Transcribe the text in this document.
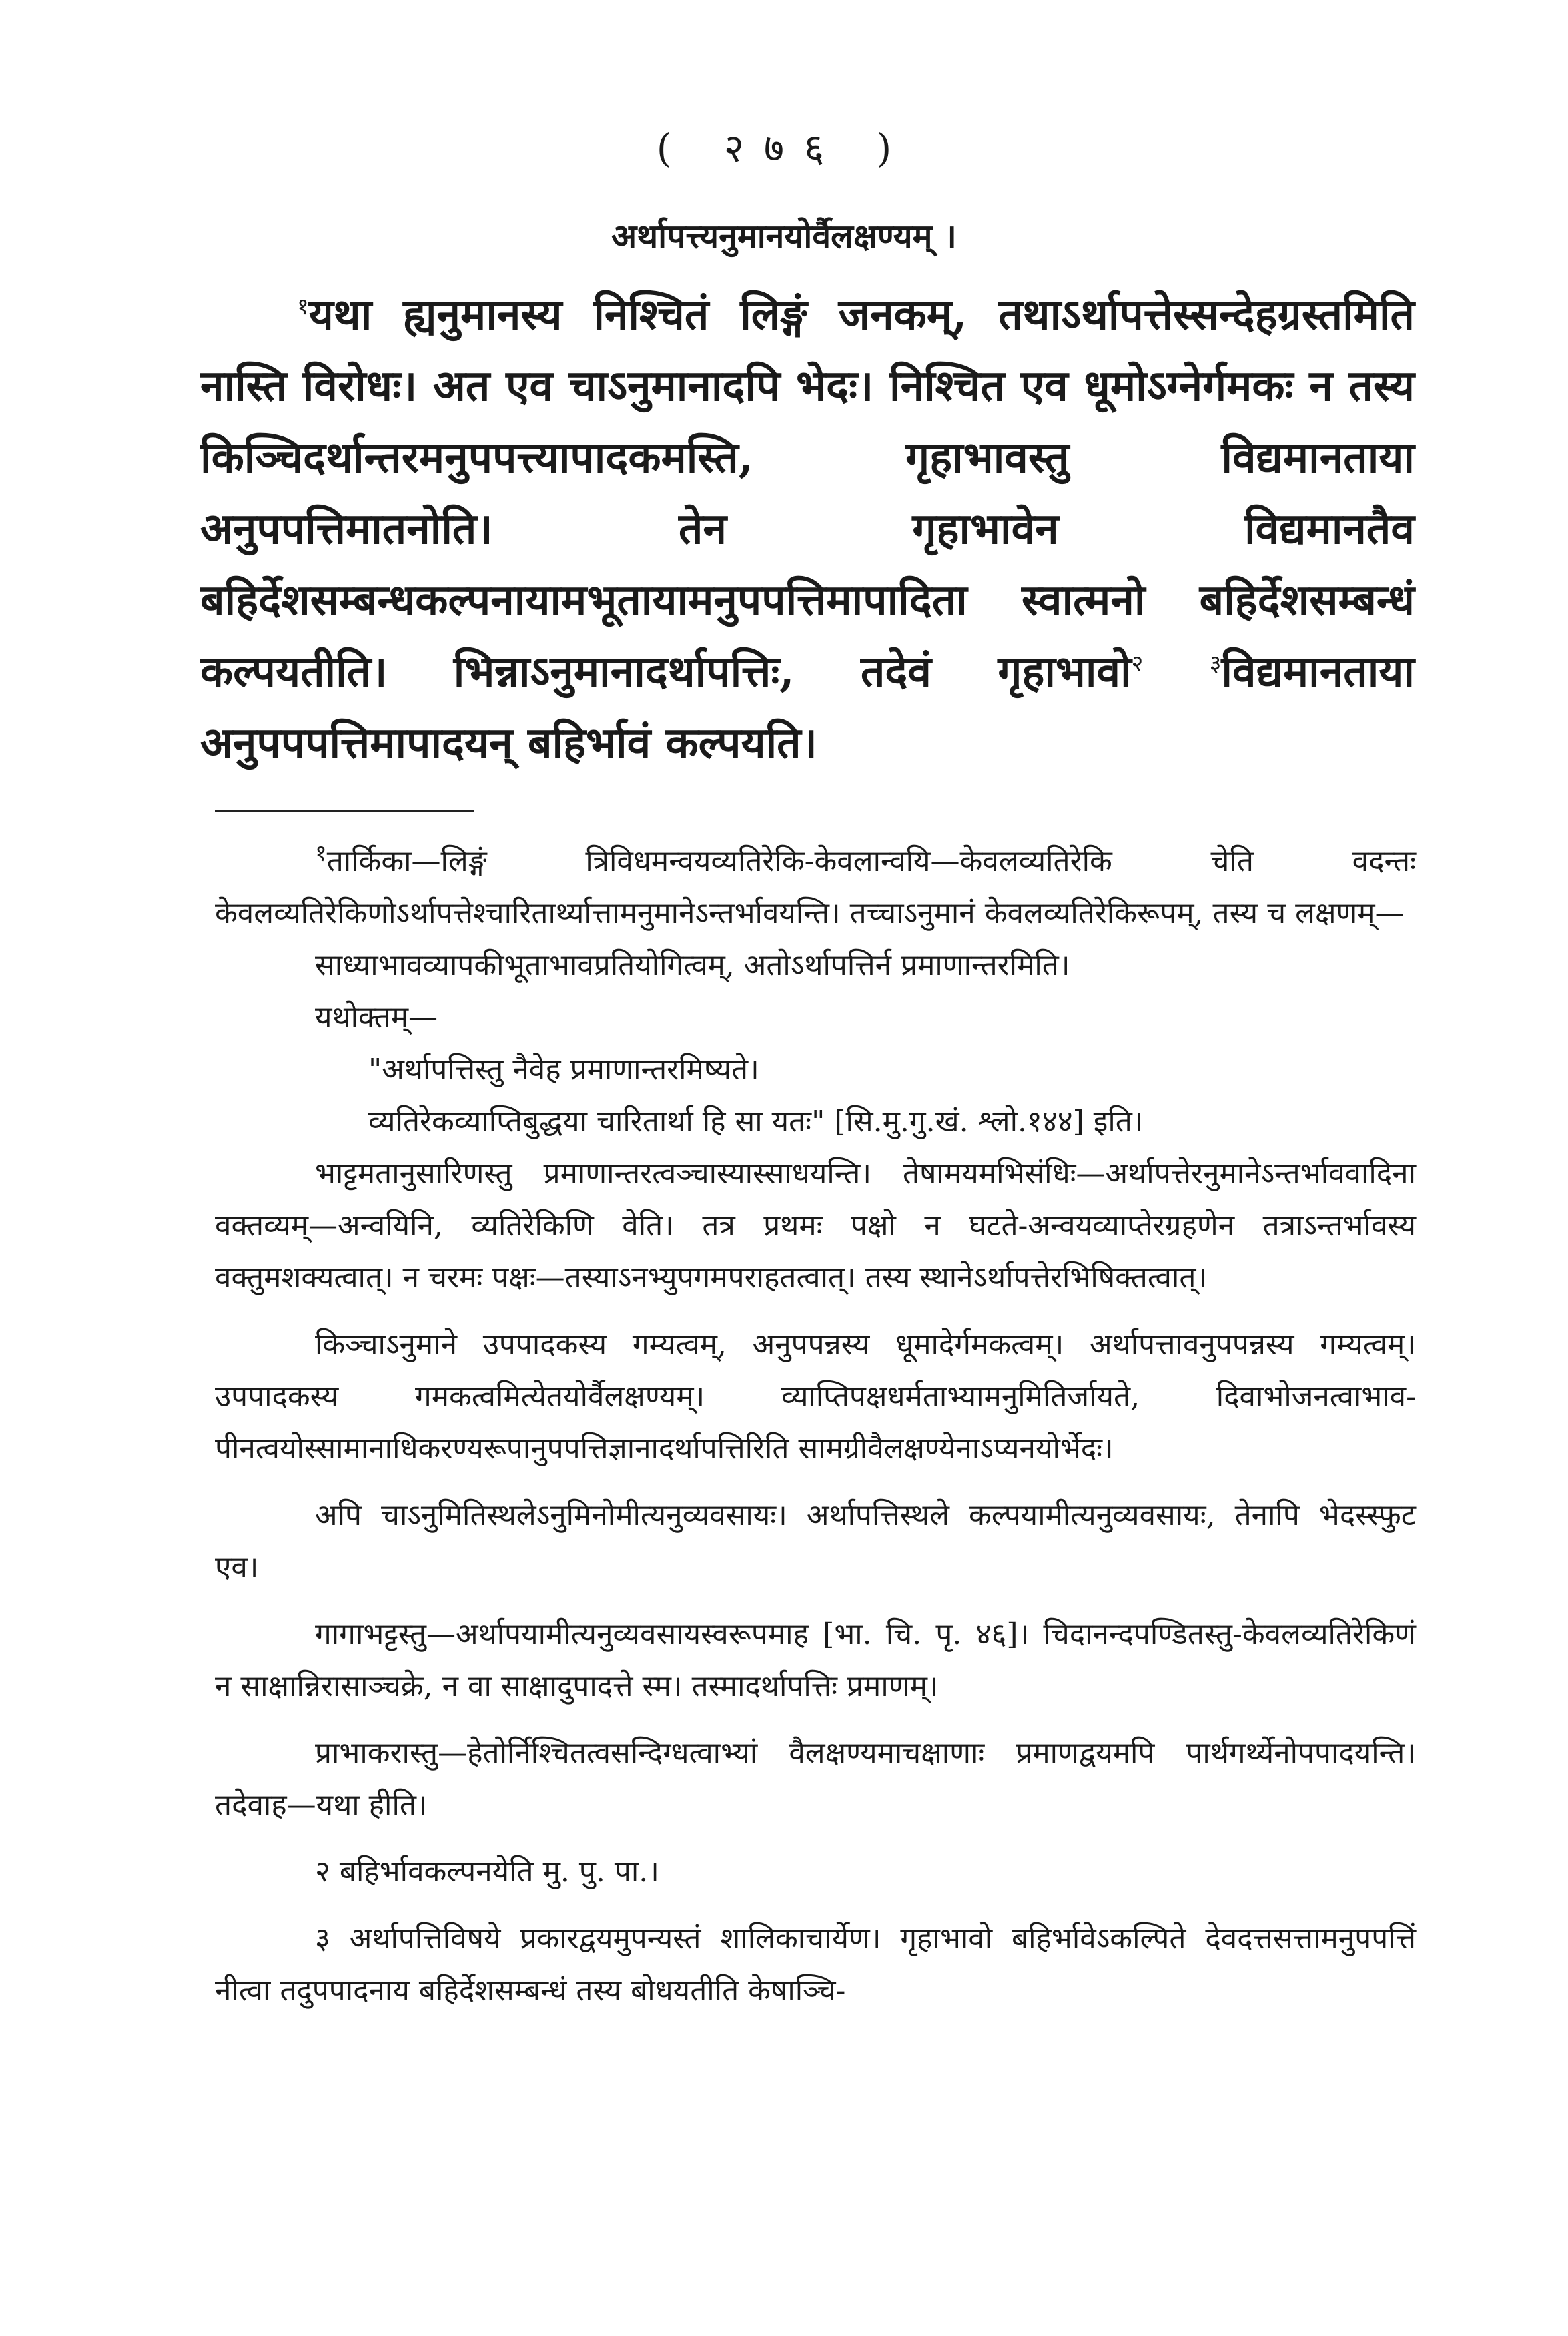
( २७६ )
अर्थापत्त्यनुमानयोर्वैलक्षण्यम् ।

$^१$यथा ह्यनुमानस्य निश्चितं लिङ्गं जनकम्, तथाऽर्थापत्तेस्सन्देहग्रस्तमिति नास्ति विरोधः। अत एव चाऽनुमानादपि भेदः। निश्चित एव धूमोऽग्नेर्गमकः न तस्य किञ्चिदर्थान्तरमनुपपत्त्यापादकमस्ति, गृहाभावस्तु विद्यमानताया अनुपपत्तिमातनोति। तेन गृहाभावेन विद्यमानतैव बहिर्देशसम्बन्धकल्पनायामभूतायामनुपपत्तिमापादिता स्वात्मनो बहिर्देशसम्बन्धं कल्पयतीति। भिन्नाऽनुमानादर्थापत्तिः, तदेवं गृहाभावो$^२$	$^३$विद्यमानताया अनुपपपत्तिमापादयन् बहिर्भावं कल्पयति।

$^१$तार्किका—लिङ्गं त्रिविधमन्वयव्यतिरेकि-केवलान्वयि—केवलव्यतिरेकि चेति वदन्तः केवलव्यतिरेकिणोऽर्थापत्तेश्चारितार्थ्यात्तामनुमानेऽन्तर्भावयन्ति। तच्चाऽनुमानं केवलव्यतिरेकिरूपम्, तस्य च लक्षणम्—

साध्याभावव्यापकीभूताभावप्रतियोगित्वम्, अतोऽर्थापत्तिर्न प्रमाणान्तरमिति।

यथोक्तम्—

"अर्थापत्तिस्तु नैवेह प्रमाणान्तरमिष्यते।

व्यतिरेकव्याप्तिबुद्धया चारितार्था हि सा यतः" [सि.मु.गु.खं. श्लो.१४४] इति।

भाट्टमतानुसारिणस्तु प्रमाणान्तरत्वञ्चास्यास्साधयन्ति। तेषामयमभिसंधिः—अर्थापत्तेरनुमानेऽन्तर्भाववादिना वक्तव्यम्—अन्वयिनि, व्यतिरेकिणि वेति। तत्र प्रथमः पक्षो न घटते-अन्वयव्याप्तेरग्रहणेन तत्राऽन्तर्भावस्य वक्तुमशक्यत्वात्। न चरमः पक्षः—तस्याऽनभ्युपगमपराहतत्वात्। तस्य स्थानेऽर्थापत्तेरभिषिक्तत्वात्।

किञ्चाऽनुमाने उपपादकस्य गम्यत्वम्, अनुपपन्नस्य धूमादेर्गमकत्वम्। अर्थापत्तावनुपपन्नस्य गम्यत्वम्। उपपादकस्य गमकत्वमित्येतयोर्वैलक्षण्यम्। व्याप्तिपक्षधर्मताभ्यामनुमितिर्जायते, दिवाभोजनत्वाभाव-पीनत्वयोस्सामानाधिकरण्यरूपानुपपत्तिज्ञानादर्थापत्तिरिति सामग्रीवैलक्षण्येनाऽप्यनयोर्भेदः।

अपि चाऽनुमितिस्थलेऽनुमिनोमीत्यनुव्यवसायः। अर्थापत्तिस्थले कल्पयामीत्यनुव्यवसायः, तेनापि भेदस्स्फुट एव।

गागाभट्टस्तु—अर्थापयामीत्यनुव्यवसायस्वरूपमाह [भा. चि. पृ. ४६]। चिदानन्दपण्डितस्तु-केवलव्यतिरेकिणं न साक्षान्निरासाञ्चक्रे, न वा साक्षादुपादत्ते स्म। तस्मादर्थापत्तिः प्रमाणम्।

प्राभाकरास्तु—हेतोर्निश्चितत्वसन्दिग्धत्वाभ्यां वैलक्षण्यमाचक्षाणाः प्रमाणद्वयमपि पार्थगर्थ्येनोपपादयन्ति। तदेवाह—यथा हीति।

२ बहिर्भावकल्पनयेति मु. पु. पा.।

३ अर्थापत्तिविषये प्रकारद्वयमुपन्यस्तं शालिकाचार्येण। गृहाभावो बहिर्भावेऽकल्पिते देवदत्तसत्तामनुपपत्तिं नीत्वा तदुपपादनाय बहिर्देशसम्बन्धं तस्य बोधयतीति केषाञ्चि-
